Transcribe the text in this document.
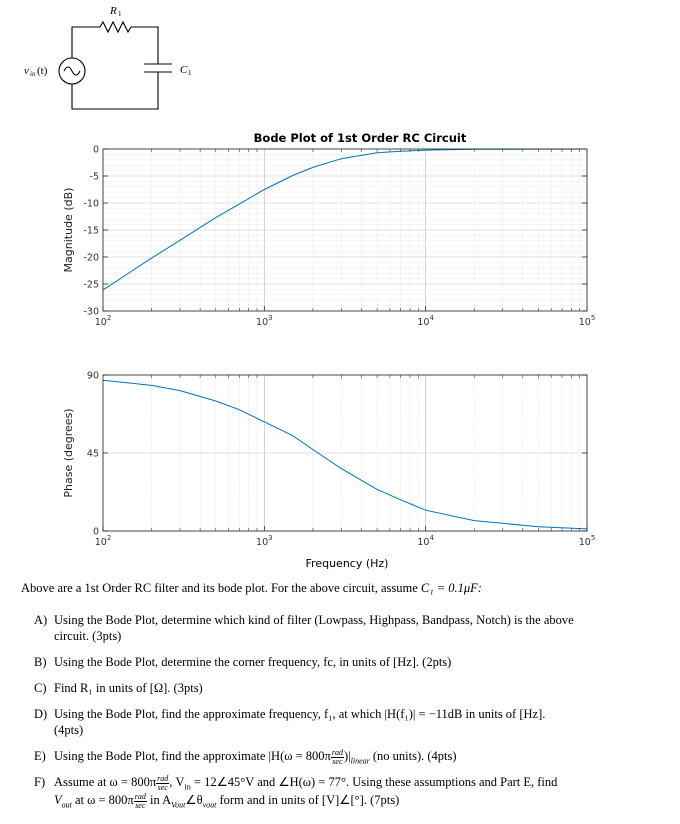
R 1
C 1
v in (t)
Bode Plot of 1st Order RC Circuit
$10^2$	$10^3$	$10^4$	$10^5$
0
-5
-10
-15
-20
-25
-30
Magnitude (dB)
$10^2$	$10^3$	$10^4$	$10^5$
90
45
0
Phase (degrees)
Frequency (Hz)
Above are a 1st Order RC filter and its bode plot. For the above circuit, assume C₁ = 0.1μF:
A) Using the Bode Plot, determine which kind of filter (Lowpass, Highpass, Bandpass, Notch) is the above
circuit. (3pts)
B) Using the Bode Plot, determine the corner frequency, fc, in units of [Hz]. (2pts)
C) Find R₁ in units of [Ω]. (3pts)
D) Using the Bode Plot, find the approximate frequency, f₁, at which |H(f₁)| = −11dB in units of [Hz].
(4pts)
E) Using the Bode Plot, find the approximate $|H(\omega = 800\pi \frac{\text{rad}}{\sec} )|_{linear}$ (no units). (4pts)
F) Assume at $\omega = 800\pi \frac{\text{rad}}{\sec}$ , $V_{in}$ = 12∠45°V and ∠H(ω) = 77°. Using these assumptions and Part E, find
$V_{out}$ at $\omega = 800\pi \frac{\text{rad}}{\sec}$ in $A_{Vout}\angle\theta_{vout}$ form and in units of [V]∠[°]. (7pts)
